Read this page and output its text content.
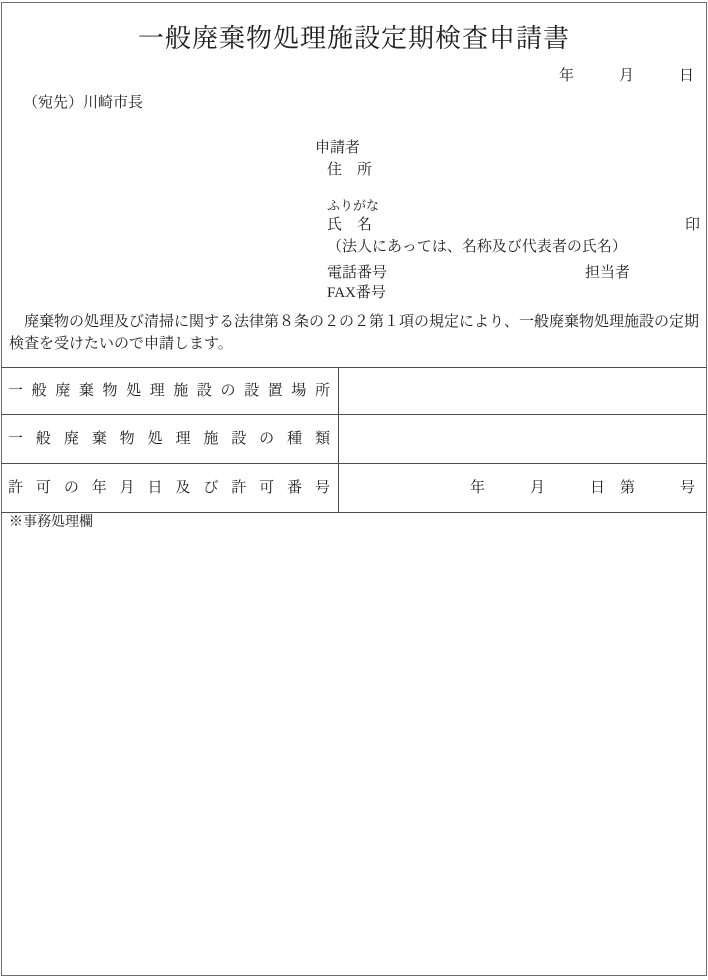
一般廃棄物処理施設定期検査申請書
年　　　月　　　日
（宛先）川崎市長
申請者
住　所
ふりがな
氏　名	印
（法人にあっては、名称及び代表者の氏名）
電話番号	担当者
FAX番号

　廃棄物の処理及び清掃に関する法律第８条の２の２第１項の規定により、一般廃棄物処理施設の定期検査を受けたいので申請します。

一般廃棄物処理施設の設置場所
一般廃棄物処理施設の種類
許可の年月日及び許可番号	年　　　月　　　日　第　　　号
※事務処理欄
